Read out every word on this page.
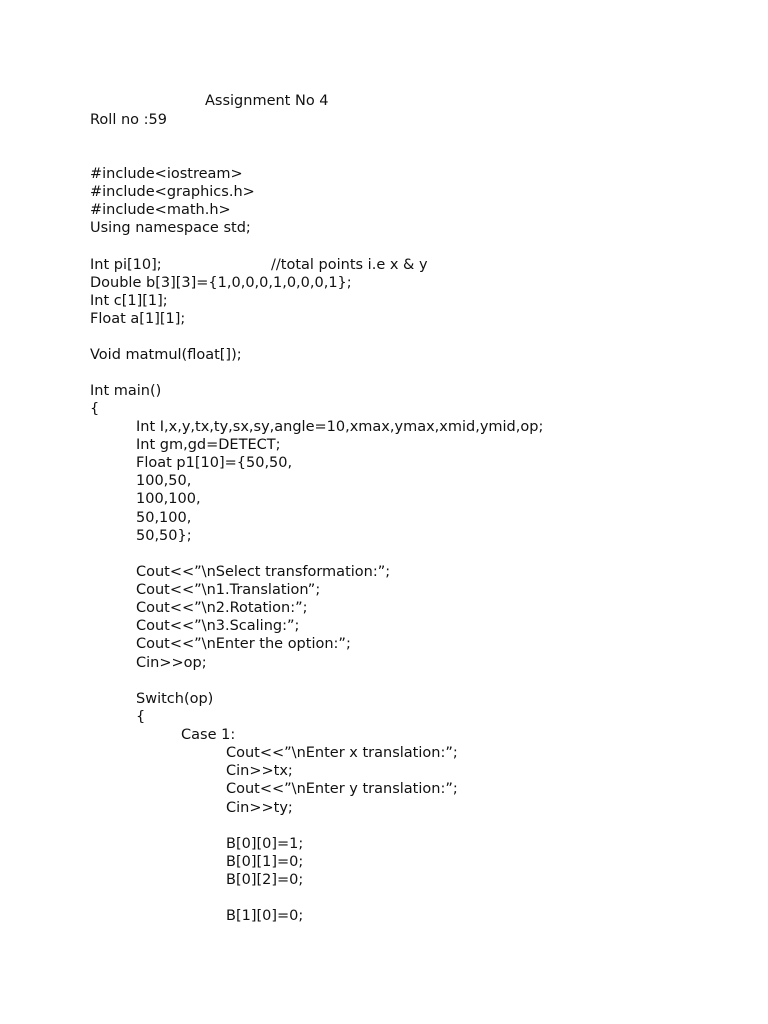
Assignment No 4
Roll no :59
#include<iostream>
#include<graphics.h>
#include<math.h>
Using namespace std;
Int pi[10];	//total points i.e x & y
Double b[3][3]={1,0,0,0,1,0,0,0,1};
Int c[1][1];
Float a[1][1];
Void matmul(float[]);
Int main()
{
Int I,x,y,tx,ty,sx,sy,angle=10,xmax,ymax,xmid,ymid,op;
Int gm,gd=DETECT;
Float p1[10]={50,50,
100,50,
100,100,
50,100,
50,50};
Cout<<”\nSelect transformation:”;
Cout<<”\n1.Translation”;
Cout<<”\n2.Rotation:”;
Cout<<”\n3.Scaling:”;
Cout<<”\nEnter the option:”;
Cin>>op;
Switch(op)
{
Case 1:
Cout<<”\nEnter x translation:”;
Cin>>tx;
Cout<<”\nEnter y translation:”;
Cin>>ty;
B[0][0]=1;
B[0][1]=0;
B[0][2]=0;
B[1][0]=0;
